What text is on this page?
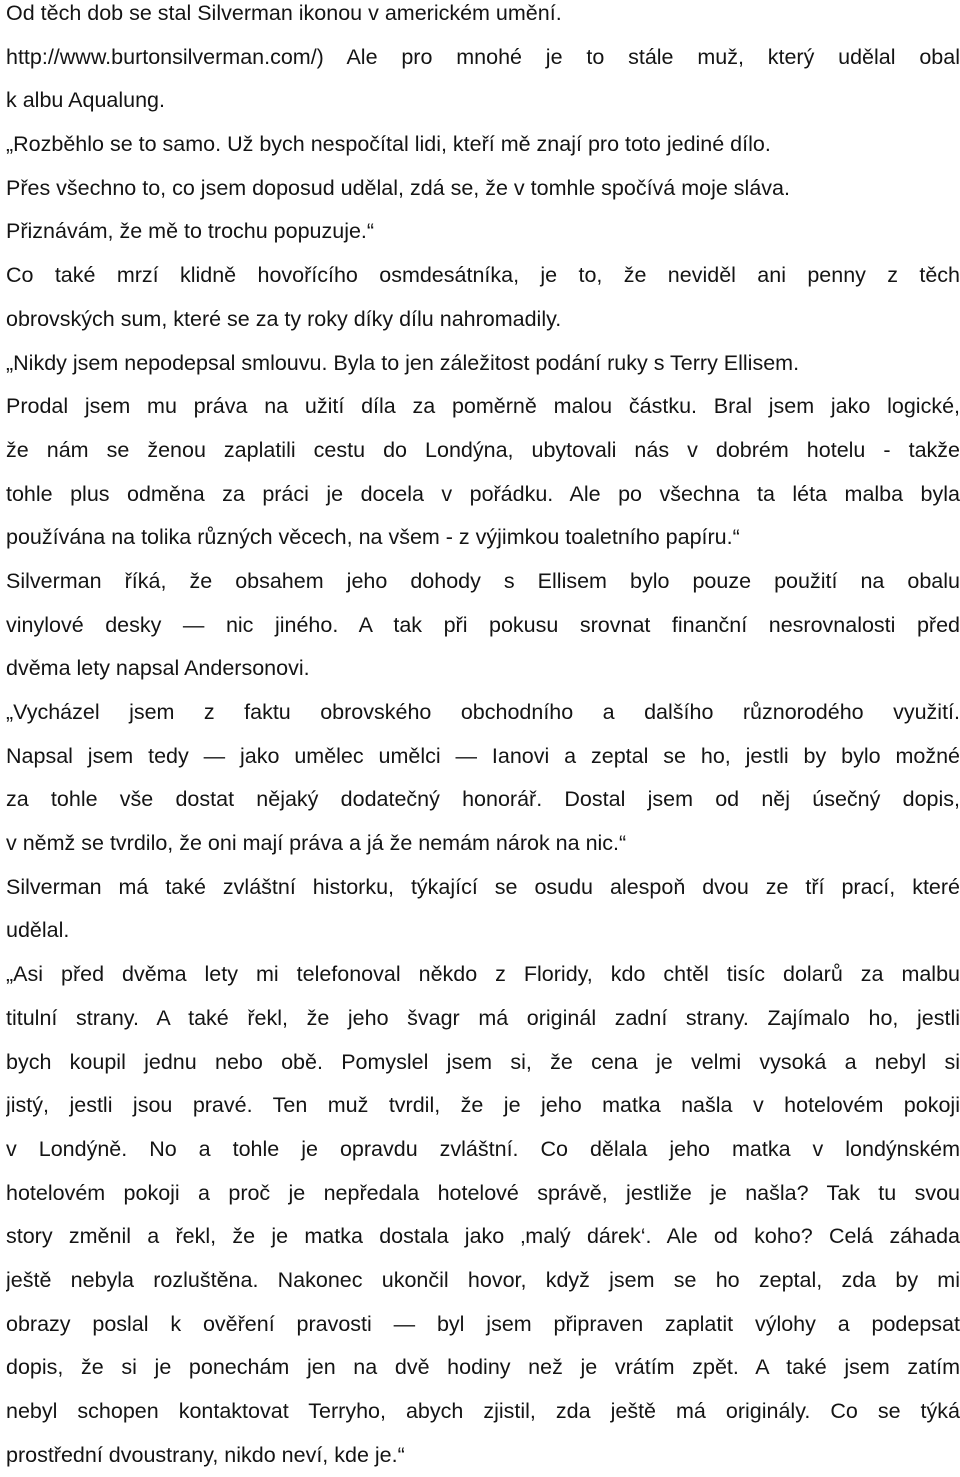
Od těch dob se stal Silverman ikonou v americkém umění.
http://www.burtonsilverman.com/) Ale pro mnohé je to stále muž, který udělal obal
k albu Aqualung.
„Rozběhlo se to samo. Už bych nespočítal lidi, kteří mě znají pro toto jediné dílo.
Přes všechno to, co jsem doposud udělal, zdá se, že v tomhle spočívá moje sláva.
Přiznávám, že mě to trochu popuzuje.“
Co také mrzí klidně hovořícího osmdesátníka, je to, že neviděl ani penny z těch
obrovských sum, které se za ty roky díky dílu nahromadily.
„Nikdy jsem nepodepsal smlouvu. Byla to jen záležitost podání ruky s Terry Ellisem.
Prodal jsem mu práva na užití díla za poměrně malou částku. Bral jsem jako logické,
že nám se ženou zaplatili cestu do Londýna, ubytovali nás v dobrém hotelu - takže
tohle plus odměna za práci je docela v pořádku. Ale po všechna ta léta malba byla
používána na tolika různých věcech, na všem - z výjimkou toaletního papíru.“
Silverman říká, že obsahem jeho dohody s Ellisem bylo pouze použití na obalu
vinylové desky — nic jiného. A tak při pokusu srovnat finanční nesrovnalosti před
dvěma lety napsal Andersonovi.
„Vycházel jsem z faktu obrovského obchodního a dalšího různorodého využití.
Napsal jsem tedy — jako umělec umělci — Ianovi a zeptal se ho, jestli by bylo možné
za tohle vše dostat nějaký dodatečný honorář. Dostal jsem od něj úsečný dopis,
v němž se tvrdilo, že oni mají práva a já že nemám nárok na nic.“
Silverman má také zvláštní historku, týkající se osudu alespoň dvou ze tří prací, které
udělal.
„Asi před dvěma lety mi telefonoval někdo z Floridy, kdo chtěl tisíc dolarů za malbu
titulní strany. A také řekl, že jeho švagr má originál zadní strany. Zajímalo ho, jestli
bych koupil jednu nebo obě. Pomyslel jsem si, že cena je velmi vysoká a nebyl si
jistý, jestli jsou pravé. Ten muž tvrdil, že je jeho matka našla v hotelovém pokoji
v Londýně. No a tohle je opravdu zvláštní. Co dělala jeho matka v londýnském
hotelovém pokoji a proč je nepředala hotelové správě, jestliže je našla? Tak tu svou
story změnil a řekl, že je matka dostala jako ‚malý dárek‘. Ale od koho? Celá záhada
ještě nebyla rozluštěna. Nakonec ukončil hovor, když jsem se ho zeptal, zda by mi
obrazy poslal k ověření pravosti — byl jsem připraven zaplatit výlohy a podepsat
dopis, že si je ponechám jen na dvě hodiny než je vrátím zpět. A také jsem zatím
nebyl schopen kontaktovat Terryho, abych zjistil, zda ještě má originály. Co se týká
prostřední dvoustrany, nikdo neví, kde je.“
